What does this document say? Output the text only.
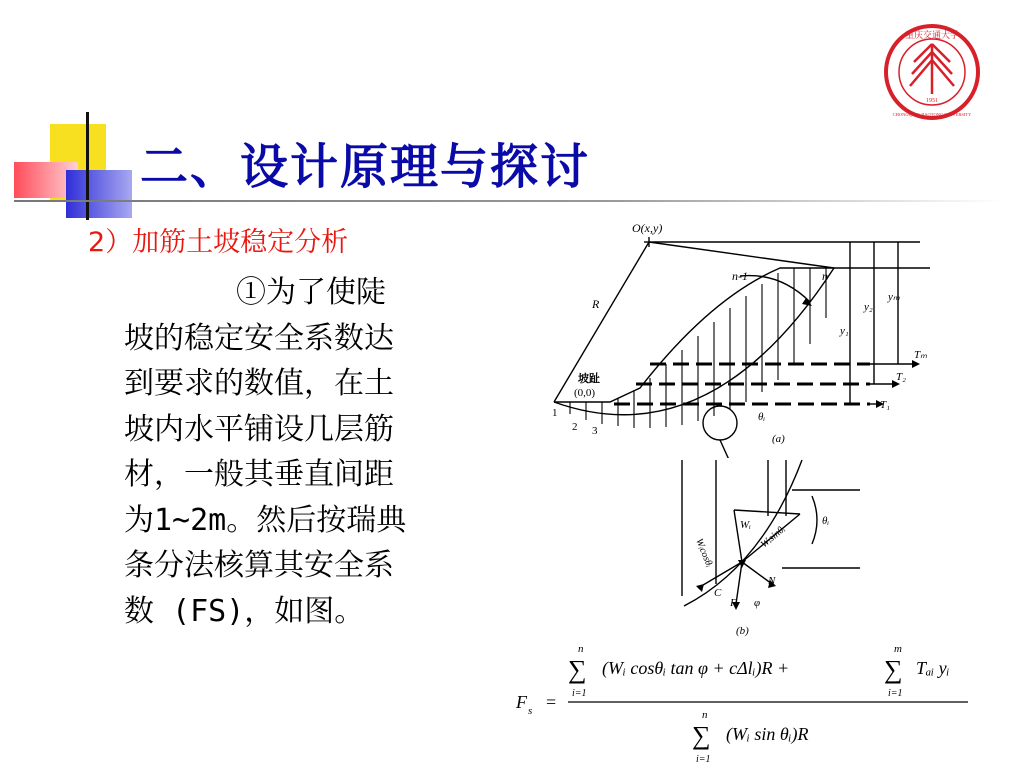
1951
重庆交通大学
CHONGQING JIAOTONG UNIVERSITY
二、设计原理与探讨
2）加筋土坡稳定分析
①为了使陡
坡的稳定安全系数达
到要求的数值，在土
坡内水平铺设几层筋
材，一般其垂直间距
为1~2m。然后按瑞典
条分法核算其安全系
数 (FS)，如图。
O(x,y)
R
n-1	n
坡趾
(0,0)
1
2 3
y₁
y₂
yₘ
Tₘ
T₂
T₁
θᵢ
(a)
Wᵢ
Wᵢcosθᵢ	Wᵢsinθᵢ
θᵢ
C
N
F φ
(b)
F s =
n
∑
i=1
(Wᵢ cosθᵢ tan φ + cΔlᵢ)R +
m
∑
i=1
Tₐᵢ yᵢ
n
∑
i=1
(Wᵢ sin θᵢ)R
